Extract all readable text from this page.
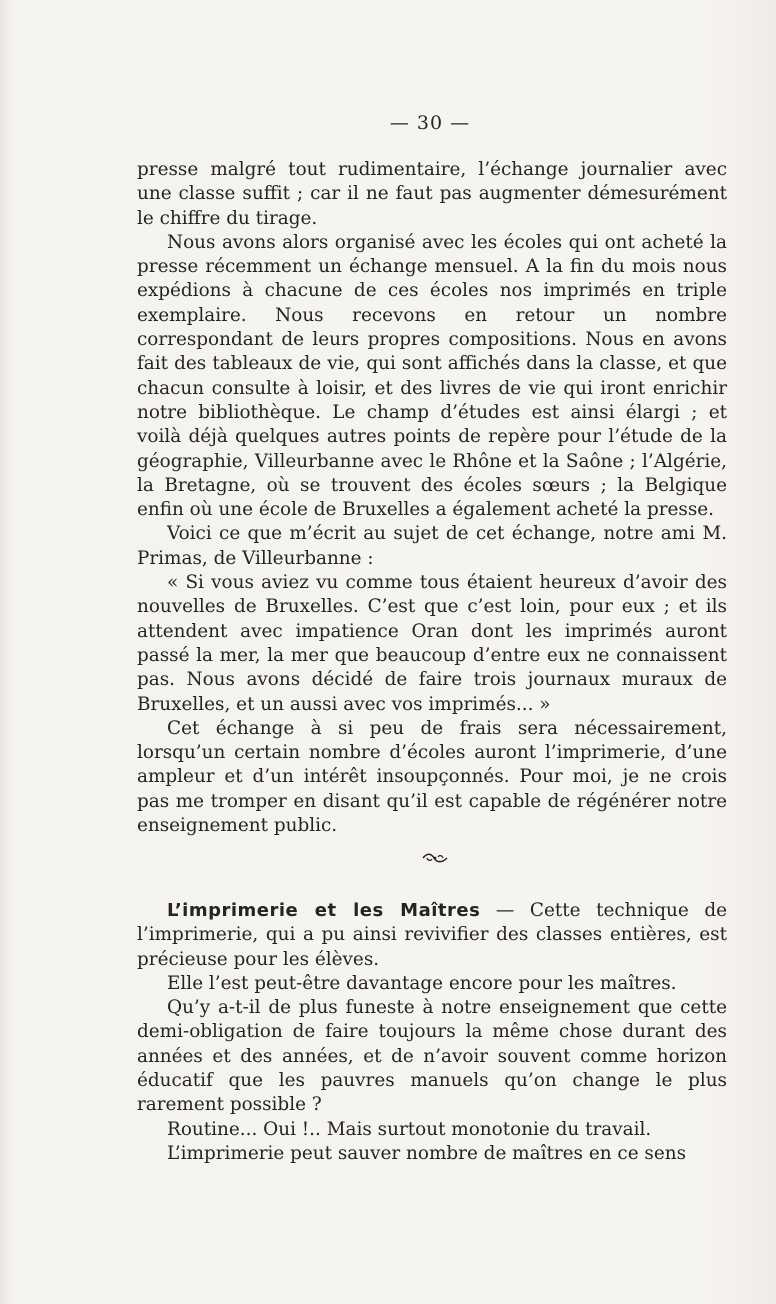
— 30 —

presse malgré tout rudimentaire, l’échange journalier avec une classe suffit ; car il ne faut pas augmenter démesurément le chiffre du tirage.

Nous avons alors organisé avec les écoles qui ont acheté la presse récemment un échange mensuel. A la fin du mois nous expédions à chacune de ces écoles nos imprimés en triple exemplaire. Nous recevons en retour un nombre correspondant de leurs propres compositions. Nous en avons fait des tableaux de vie, qui sont affichés dans la classe, et que chacun consulte à loisir, et des livres de vie qui iront enrichir notre bibliothèque. Le champ d’études est ainsi élargi ; et voilà déjà quelques autres points de repère pour l’étude de la géographie, Villeurbanne avec le Rhône et la Saône ; l’Algérie, la Bretagne, où se trouvent des écoles sœurs ; la Belgique enfin où une école de Bruxelles a également acheté la presse.

Voici ce que m’écrit au sujet de cet échange, notre ami M. Primas, de Villeurbanne :

« Si vous aviez vu comme tous étaient heureux d’avoir des nouvelles de Bruxelles. C’est que c’est loin, pour eux ; et ils attendent avec impatience Oran dont les imprimés auront passé la mer, la mer que beaucoup d’entre eux ne connaissent pas. Nous avons décidé de faire trois journaux muraux de Bruxelles, et un aussi avec vos imprimés... »

Cet échange à si peu de frais sera nécessairement, lorsqu’un certain nombre d’écoles auront l’imprimerie, d’une ampleur et d’un intérêt insoupçonnés. Pour moi, je ne crois pas me tromper en disant qu’il est capable de régénérer notre enseignement public.

L’imprimerie et les Maîtres — Cette technique de l’imprimerie, qui a pu ainsi revivifier des classes entières, est précieuse pour les élèves.

Elle l’est peut-être davantage encore pour les maîtres.

Qu’y a-t-il de plus funeste à notre enseignement que cette demi-obligation de faire toujours la même chose durant des années et des années, et de n’avoir souvent comme horizon éducatif que les pauvres manuels qu’on change le plus rarement possible ?

Routine... Oui !.. Mais surtout monotonie du travail.

L’imprimerie peut sauver nombre de maîtres en ce sens
